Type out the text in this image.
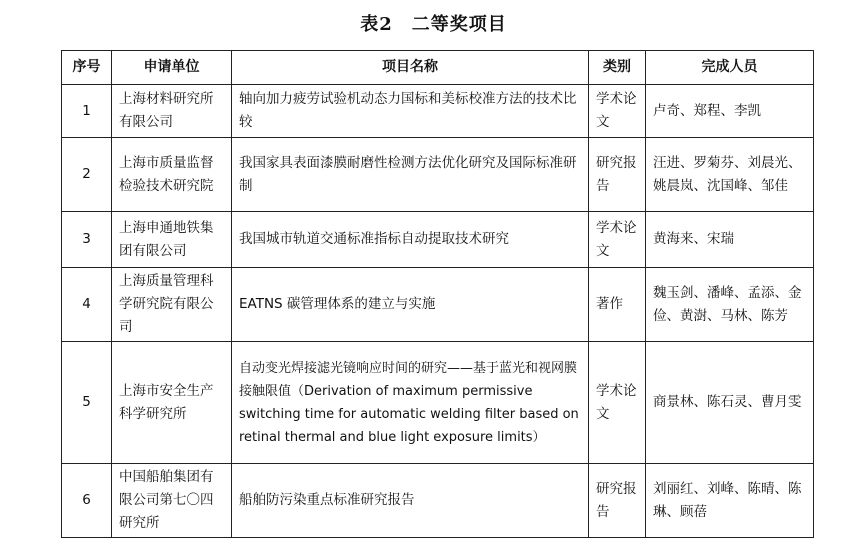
表2　二等奖项目
序号	申请单位	项目名称	类别	完成人员
1	上海材料研究所有限公司	轴向加力疲劳试验机动态力国标和美标校准方法的技术比较	学术论文	卢奇、郑程、李凯
2	上海市质量监督检验技术研究院	我国家具表面漆膜耐磨性检测方法优化研究及国际标准研制	研究报告	汪进、罗菊芬、刘晨光、姚晨岚、沈国峰、邹佳
3	上海申通地铁集团有限公司	我国城市轨道交通标准指标自动提取技术研究	学术论文	黄海来、宋瑞
4	上海质量管理科学研究院有限公司	EATNS 碳管理体系的建立与实施	著作	魏玉剑、潘峰、孟添、金俭、黄澍、马林、陈芳
5	上海市安全生产科学研究所	自动变光焊接滤光镜响应时间的研究——基于蓝光和视网膜接触限值（Derivation of maximum permissive switching time for automatic welding filter based on retinal thermal and blue light exposure limits）	学术论文	商景林、陈石灵、曹月雯
6	中国船舶集团有限公司第七〇四研究所	船舶防污染重点标准研究报告	研究报告	刘丽红、刘峰、陈晴、陈琳、顾蓓
